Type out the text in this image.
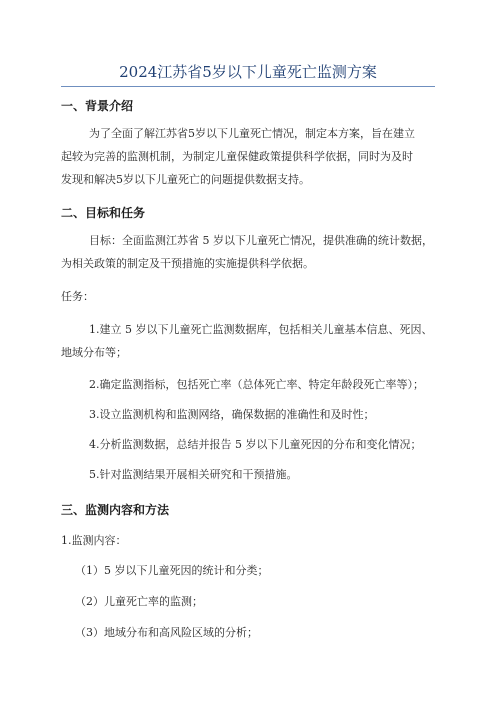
2024江苏省5岁以下儿童死亡监测方案
一、背景介绍
为了全面了解江苏省5岁以下儿童死亡情况，制定本方案，旨在建立
起较为完善的监测机制，为制定儿童保健政策提供科学依据，同时为及时
发现和解决5岁以下儿童死亡的问题提供数据支持。
二、目标和任务
目标：全面监测江苏省 5 岁以下儿童死亡情况，提供准确的统计数据，
为相关政策的制定及干预措施的实施提供科学依据。
任务：
1.建立 5 岁以下儿童死亡监测数据库，包括相关儿童基本信息、死因、
地域分布等；
2.确定监测指标，包括死亡率（总体死亡率、特定年龄段死亡率等）；
3.设立监测机构和监测网络，确保数据的准确性和及时性；
4.分析监测数据，总结并报告 5 岁以下儿童死因的分布和变化情况；
5.针对监测结果开展相关研究和干预措施。
三、监测内容和方法
1.监测内容：
（1）5 岁以下儿童死因的统计和分类；
（2）儿童死亡率的监测；
（3）地域分布和高风险区域的分析；
